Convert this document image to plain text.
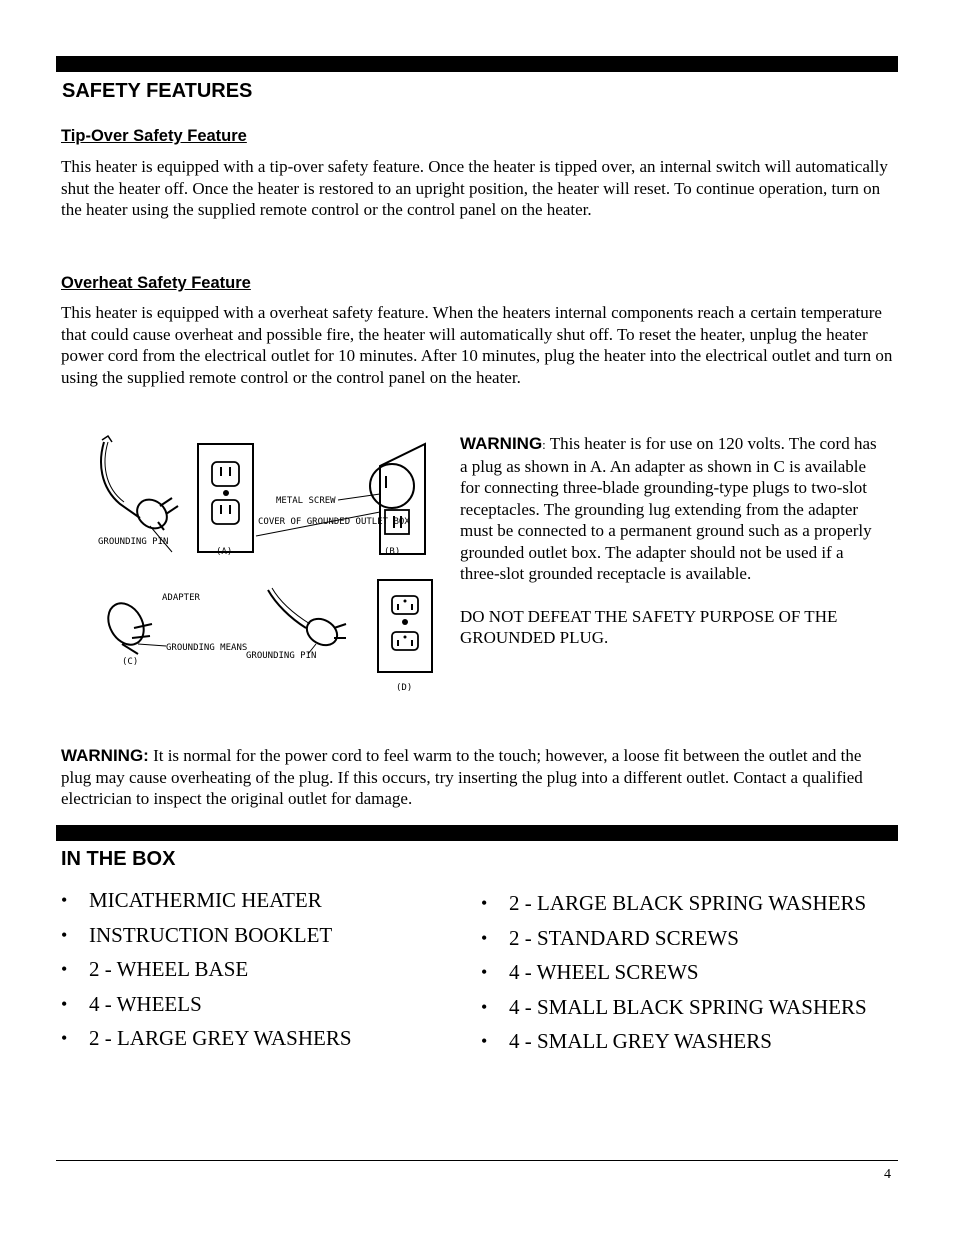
SAFETY FEATURES
Tip-Over Safety Feature

This heater is equipped with a tip-over safety feature. Once the heater is tipped over, an internal switch will automatically shut the heater off. Once the heater is restored to an upright position, the heater will reset. To continue operation, turn on the heater using the supplied remote control or the control panel on the heater.

Overheat Safety Feature

This heater is equipped with a overheat safety feature. When the heaters internal components reach a certain temperature that could cause overheat and possible fire, the heater will automatically shut off. To reset the heater, unplug the heater power cord from the electrical outlet for 10 minutes. After 10 minutes, plug the heater into the electrical outlet and turn on using the supplied remote control or the control panel on the heater.

GROUNDING PIN
(A)
METAL SCREW
COVER OF GROUNDED OUTLET BOX
(B)
ADAPTER
GROUNDING MEANS
(C)
GROUNDING PIN
(D)

WARNING: This heater is for use on 120 volts. The cord has a plug as shown in A. An adapter as shown in C is available for connecting three-blade grounding-type plugs to two-slot receptacles. The grounding lug extending from the adapter must be connected to a permanent ground such as a properly grounded outlet box. The adapter should not be used if a three-slot grounded receptacle is available.

DO NOT DEFEAT THE SAFETY PURPOSE OF THE GROUNDED PLUG.

WARNING: It is normal for the power cord to feel warm to the touch; however, a loose fit between the outlet and the plug may cause overheating of the plug. If this occurs, try inserting the plug into a different outlet. Contact a qualified electrician to inspect the original outlet for damage.

IN THE BOX
• MICATHERMIC HEATER
• INSTRUCTION BOOKLET
• 2 - WHEEL BASE
• 4 - WHEELS
• 2 - LARGE GREY WASHERS
• 2 - LARGE BLACK SPRING WASHERS
• 2 - STANDARD SCREWS
• 4 - WHEEL SCREWS
• 4 - SMALL BLACK SPRING WASHERS
• 4 - SMALL GREY WASHERS
4
